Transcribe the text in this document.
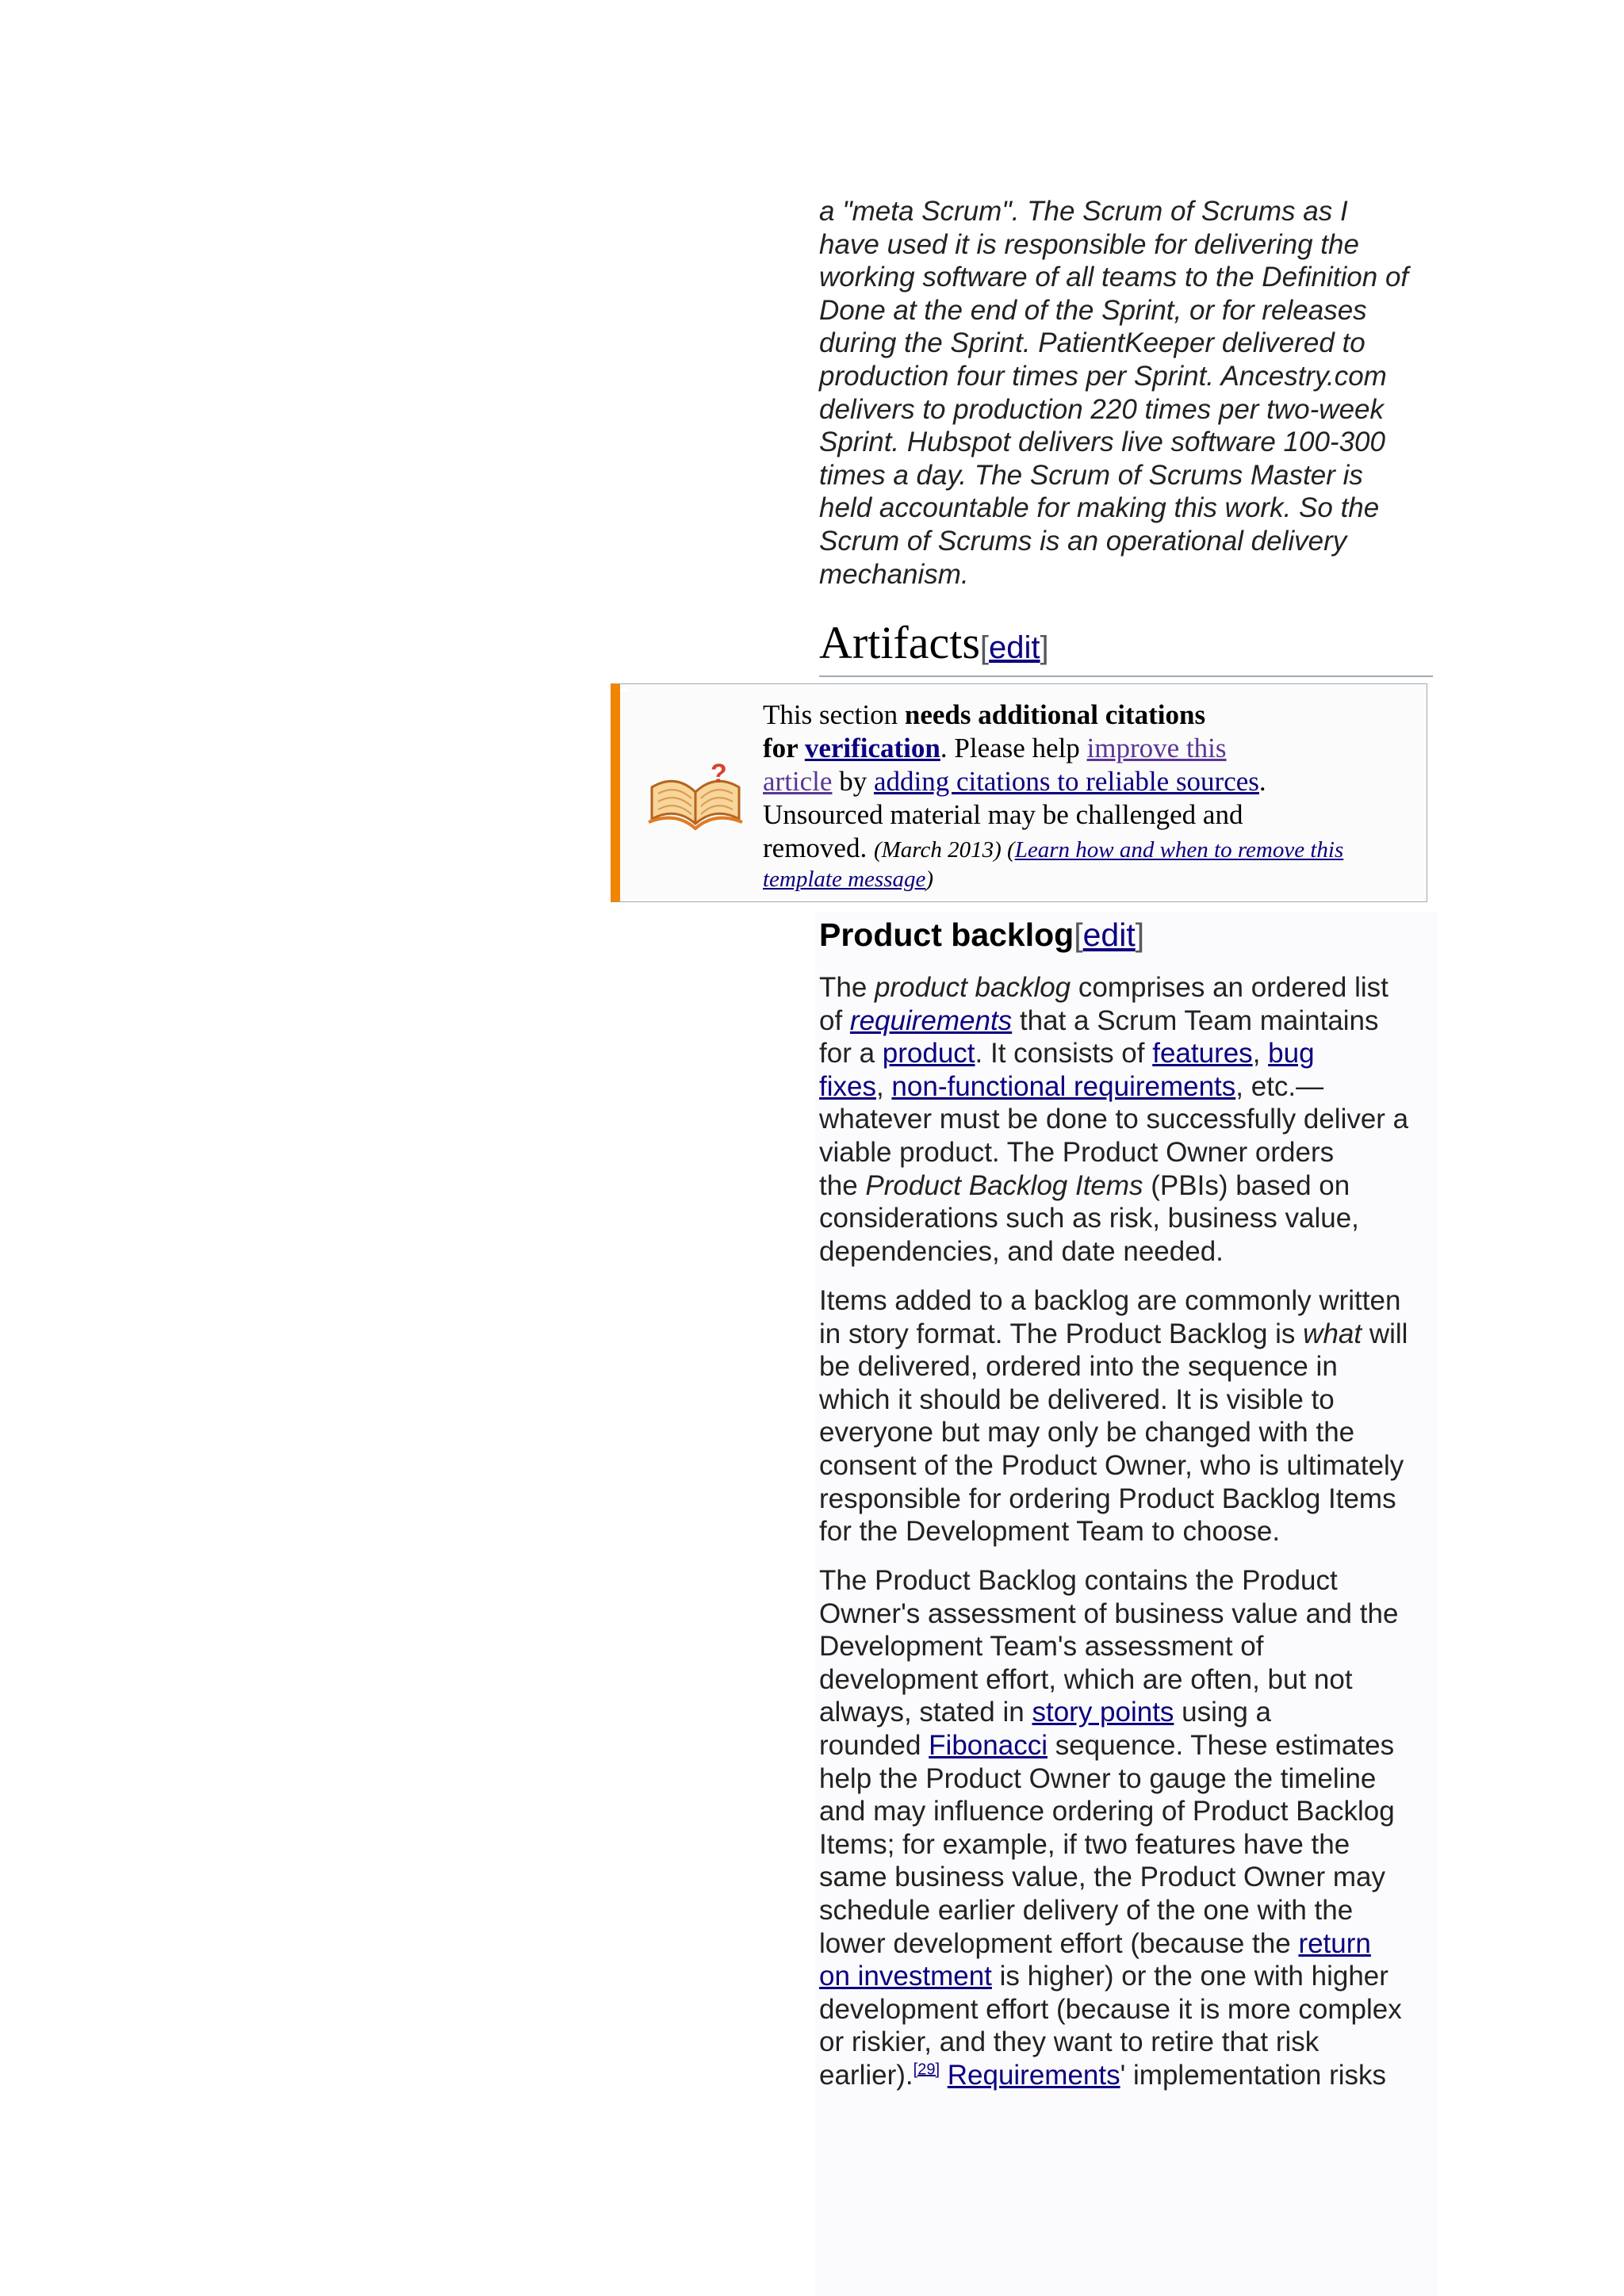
a "meta Scrum". The Scrum of Scrums as I
have used it is responsible for delivering the
working software of all teams to the Definition of
Done at the end of the Sprint, or for releases
during the Sprint. PatientKeeper delivered to
production four times per Sprint. Ancestry.com
delivers to production 220 times per two-week
Sprint. Hubspot delivers live software 100-300
times a day. The Scrum of Scrums Master is
held accountable for making this work. So the
Scrum of Scrums is an operational delivery
mechanism.
Artifacts[edit]
?
This section needs additional citations
for verification. Please help improve this
article by adding citations to reliable sources.
Unsourced material may be challenged and
removed. (March 2013) (Learn how and when to remove this
template message)
Product backlog[edit]
The product backlog comprises an ordered list
of requirements that a Scrum Team maintains
for a product. It consists of features, bug
fixes, non-functional requirements, etc.—
whatever must be done to successfully deliver a
viable product. The Product Owner orders
the Product Backlog Items (PBIs) based on
considerations such as risk, business value,
dependencies, and date needed.
Items added to a backlog are commonly written
in story format. The Product Backlog is what will
be delivered, ordered into the sequence in
which it should be delivered. It is visible to
everyone but may only be changed with the
consent of the Product Owner, who is ultimately
responsible for ordering Product Backlog Items
for the Development Team to choose.
The Product Backlog contains the Product
Owner's assessment of business value and the
Development Team's assessment of
development effort, which are often, but not
always, stated in story points using a
rounded Fibonacci sequence. These estimates
help the Product Owner to gauge the timeline
and may influence ordering of Product Backlog
Items; for example, if two features have the
same business value, the Product Owner may
schedule earlier delivery of the one with the
lower development effort (because the return
on investment is higher) or the one with higher
development effort (because it is more complex
or riskier, and they want to retire that risk
earlier).[29] Requirements' implementation risks
